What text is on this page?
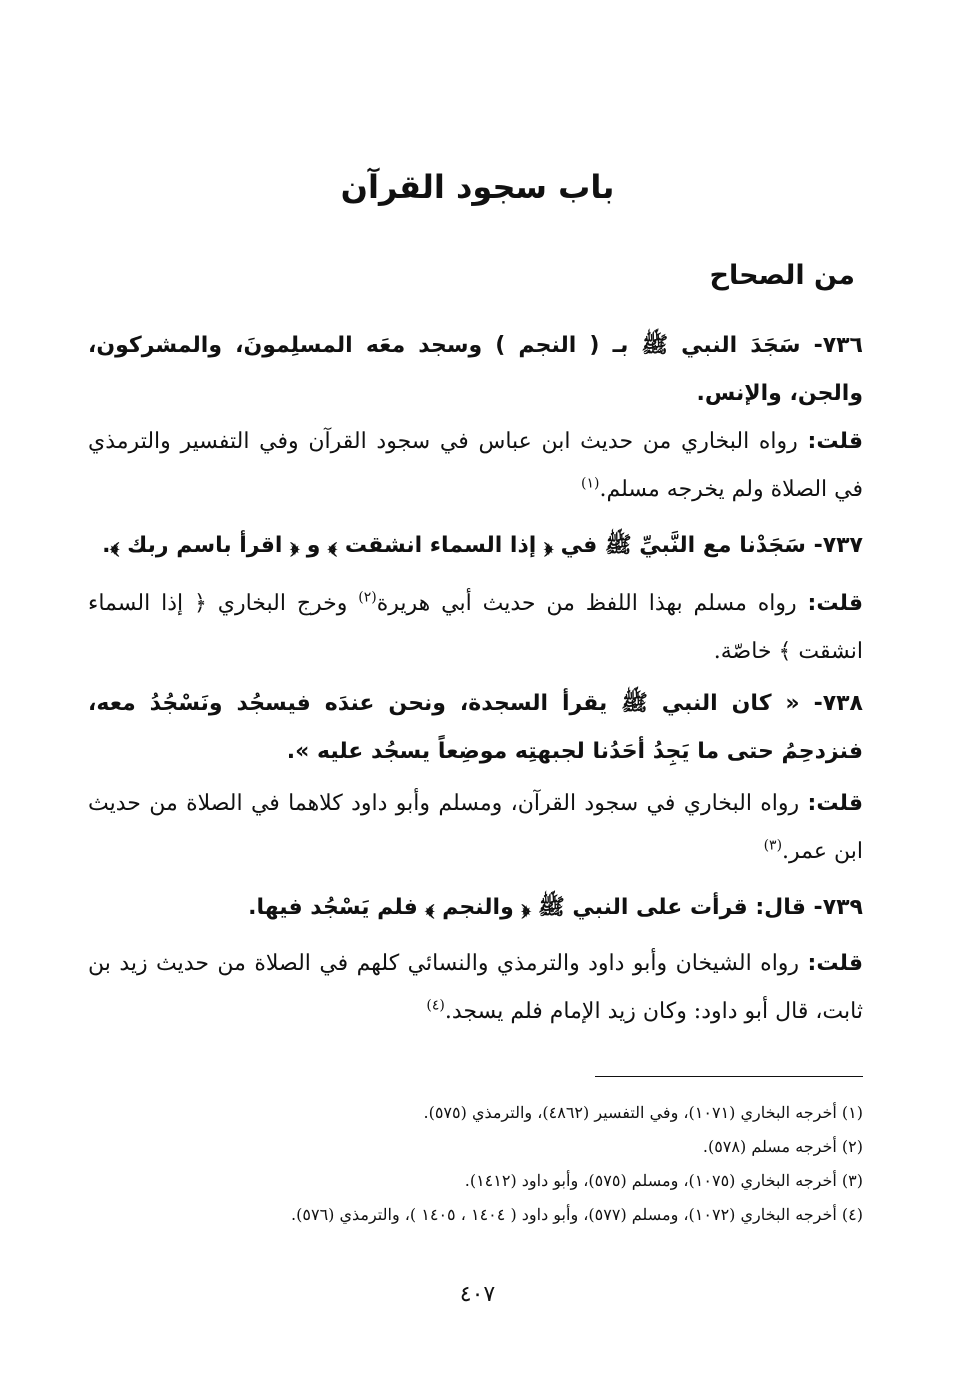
باب سجود القرآن
من الصحاح
٧٣٦- سَجَدَ النبي ﷺ بـ ( النجم ) وسجد معَه المسلِمونَ، والمشركون، والجن، والإنس.
قلت: رواه البخاري من حديث ابن عباس في سجود القرآن وفي التفسير والترمذي في الصلاة ولم يخرجه مسلم.$^{(١)}$
٧٣٧- سَجَدْنا مع النَّبيِّ ﷺ في ﴿ إذا السماء انشقت ﴾ و ﴿ اقرأ باسم ربك ﴾.
قلت: رواه مسلم بهذا اللفظ من حديث أبي هريرة$^{(٢)}$ وخرج البخاري ﴿ إذا السماء انشقت ﴾ خاصّة.
٧٣٨- « كان النبي ﷺ يقرأ السجدة، ونحن عندَه فيسجُد ونَسْجُدُ معه، فنزدحِمُ حتى ما يَجِدُ أحَدُنا لجبهتِه موضِعاً يسجُد عليه ».
قلت: رواه البخاري في سجود القرآن، ومسلم وأبو داود كلاهما في الصلاة من حديث ابن عمر.$^{(٣)}$
٧٣٩- قال: قرأت على النبي ﷺ ﴿ والنجم ﴾ فلم يَسْجُد فيها.
قلت: رواه الشيخان وأبو داود والترمذي والنسائي كلهم في الصلاة من حديث زيد بن ثابت، قال أبو داود: وكان زيد الإمام فلم يسجد.$^{(٤)}$

(١) أخرجه البخاري (١٠٧١)، وفي التفسير (٤٨٦٢)، والترمذي (٥٧٥).

(٢) أخرجه مسلم (٥٧٨).

(٣) أخرجه البخاري (١٠٧٥)، ومسلم (٥٧٥)، وأبو داود (١٤١٢).

(٤) أخرجه البخاري (١٠٧٢)، ومسلم (٥٧٧)، وأبو داود ( ١٤٠٤ ، ١٤٠٥ )، والترمذي (٥٧٦).

٤٠٧
